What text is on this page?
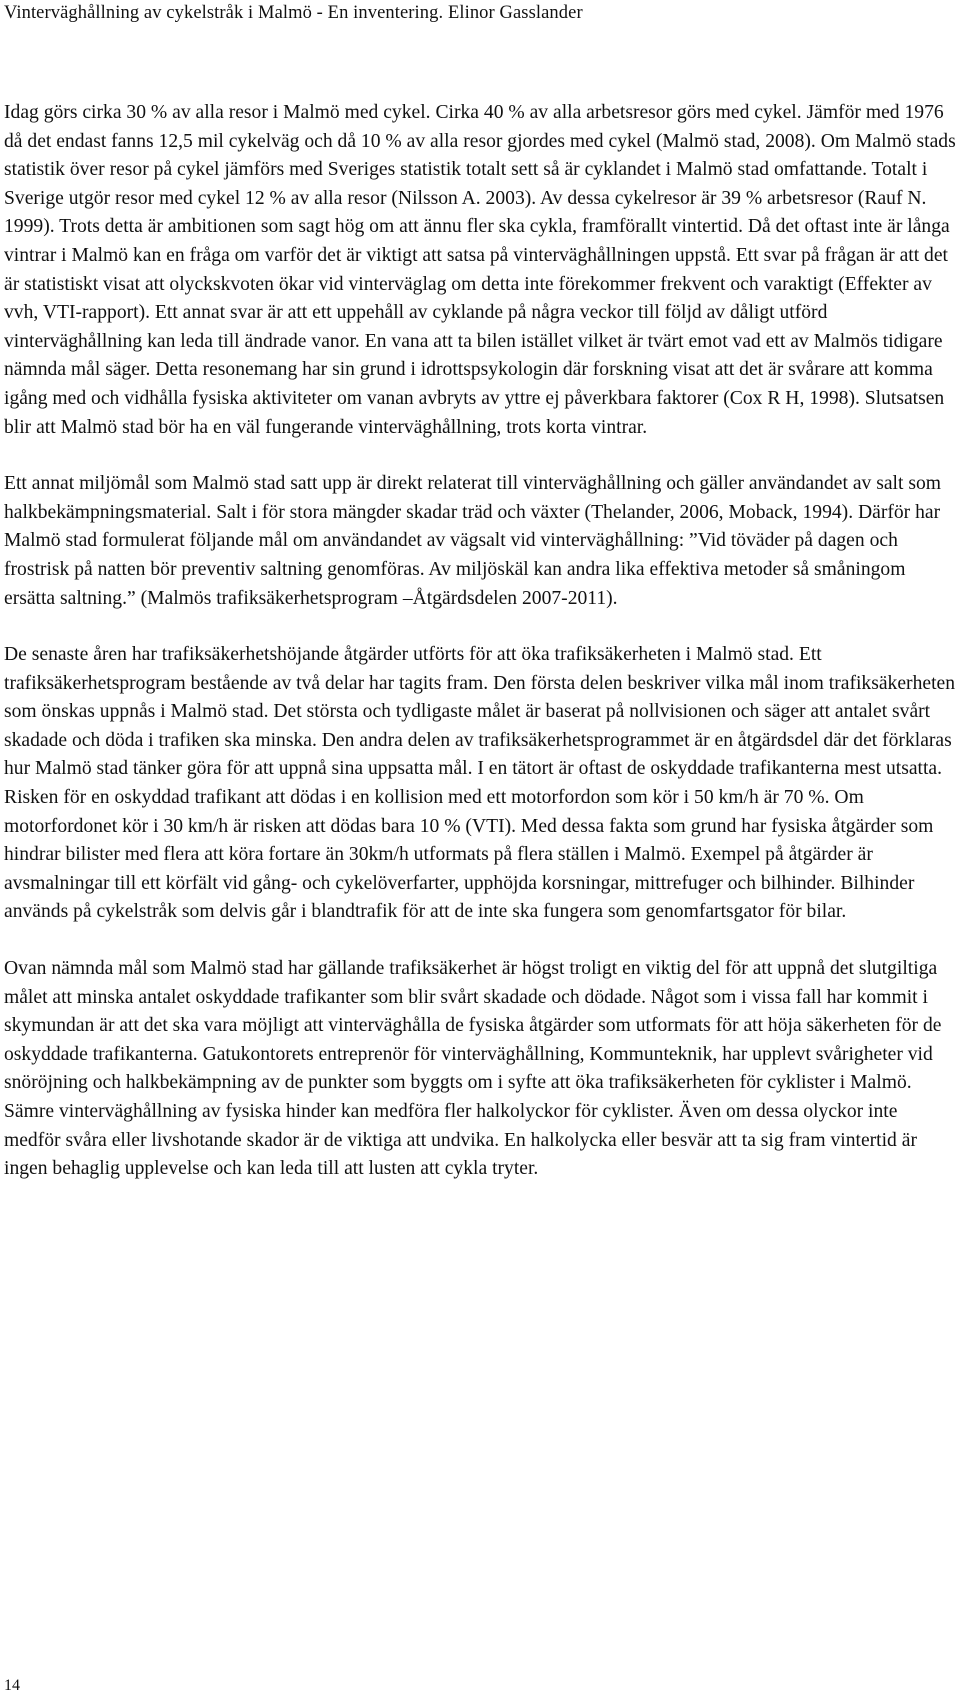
Vinterväghållning av cykelstråk i Malmö - En inventering. Elinor Gasslander

Idag görs cirka 30 % av alla resor i Malmö med cykel. Cirka 40 % av alla arbetsresor görs med cykel. Jämför med 1976 då det endast fanns 12,5 mil cykelväg och då 10 % av alla resor gjordes med cykel (Malmö stad, 2008). Om Malmö stads statistik över resor på cykel jämförs med Sveriges statistik totalt sett så är cyklandet i Malmö stad omfattande. Totalt i Sverige utgör resor med cykel 12 % av alla resor (Nilsson A. 2003). Av dessa cykelresor är 39 % arbetsresor (Rauf N. 1999). Trots detta är ambitionen som sagt hög om att ännu fler ska cykla, framförallt vintertid. Då det oftast inte är långa vintrar i Malmö kan en fråga om varför det är viktigt att satsa på vinterväghållningen uppstå. Ett svar på frågan är att det är statistiskt visat att olyckskvoten ökar vid vinterväglag om detta inte förekommer frekvent och varaktigt (Effekter av vvh, VTI-rapport). Ett annat svar är att ett uppehåll av cyklande på några veckor till följd av dåligt utförd vinterväghållning kan leda till ändrade vanor. En vana att ta bilen istället vilket är tvärt emot vad ett av Malmös tidigare nämnda mål säger. Detta resonemang har sin grund i idrottspsykologin där forskning visat att det är svårare att komma igång med och vidhålla fysiska aktiviteter om vanan avbryts av yttre ej påverkbara faktorer (Cox R H, 1998). Slutsatsen blir att Malmö stad bör ha en väl fungerande vinterväghållning, trots korta vintrar.

Ett annat miljömål som Malmö stad satt upp är direkt relaterat till vinterväghållning och gäller användandet av salt som halkbekämpningsmaterial. Salt i för stora mängder skadar träd och växter (Thelander, 2006, Moback, 1994). Därför har Malmö stad formulerat följande mål om användandet av vägsalt vid vinterväghållning: ”Vid töväder på dagen och frostrisk på natten bör preventiv saltning genomföras. Av miljöskäl kan andra lika effektiva metoder så småningom ersätta saltning.” (Malmös trafiksäkerhetsprogram –Åtgärdsdelen 2007-2011).

De senaste åren har trafiksäkerhetshöjande åtgärder utförts för att öka trafiksäkerheten i Malmö stad. Ett trafiksäkerhetsprogram bestående av två delar har tagits fram. Den första delen beskriver vilka mål inom trafiksäkerheten som önskas uppnås i Malmö stad. Det största och tydligaste målet är baserat på nollvisionen och säger att antalet svårt skadade och döda i trafiken ska minska. Den andra delen av trafiksäkerhetsprogrammet är en åtgärdsdel där det förklaras hur Malmö stad tänker göra för att uppnå sina uppsatta mål. I en tätort är oftast de oskyddade trafikanterna mest utsatta. Risken för en oskyddad trafikant att dödas i en kollision med ett motorfordon som kör i 50 km/h är 70 %. Om motorfordonet kör i 30 km/h är risken att dödas bara 10 % (VTI). Med dessa fakta som grund har fysiska åtgärder som hindrar bilister med flera att köra fortare än 30km/h utformats på flera ställen i Malmö. Exempel på åtgärder är avsmalningar till ett körfält vid gång- och cykelöverfarter, upphöjda korsningar, mittrefuger och bilhinder. Bilhinder används på cykelstråk som delvis går i blandtrafik för att de inte ska fungera som genomfartsgator för bilar.

Ovan nämnda mål som Malmö stad har gällande trafiksäkerhet är högst troligt en viktig del för att uppnå det slutgiltiga målet att minska antalet oskyddade trafikanter som blir svårt skadade och dödade. Något som i vissa fall har kommit i skymundan är att det ska vara möjligt att vinterväghålla de fysiska åtgärder som utformats för att höja säkerheten för de oskyddade trafikanterna. Gatukontorets entreprenör för vinterväghållning, Kommunteknik, har upplevt svårigheter vid snöröjning och halkbekämpning av de punkter som byggts om i syfte att öka trafiksäkerheten för cyklister i Malmö. Sämre vinterväghållning av fysiska hinder kan medföra fler halkolyckor för cyklister. Även om dessa olyckor inte medför svåra eller livshotande skador är de viktiga att undvika. En halkolycka eller besvär att ta sig fram vintertid är ingen behaglig upplevelse och kan leda till att lusten att cykla tryter.

14
